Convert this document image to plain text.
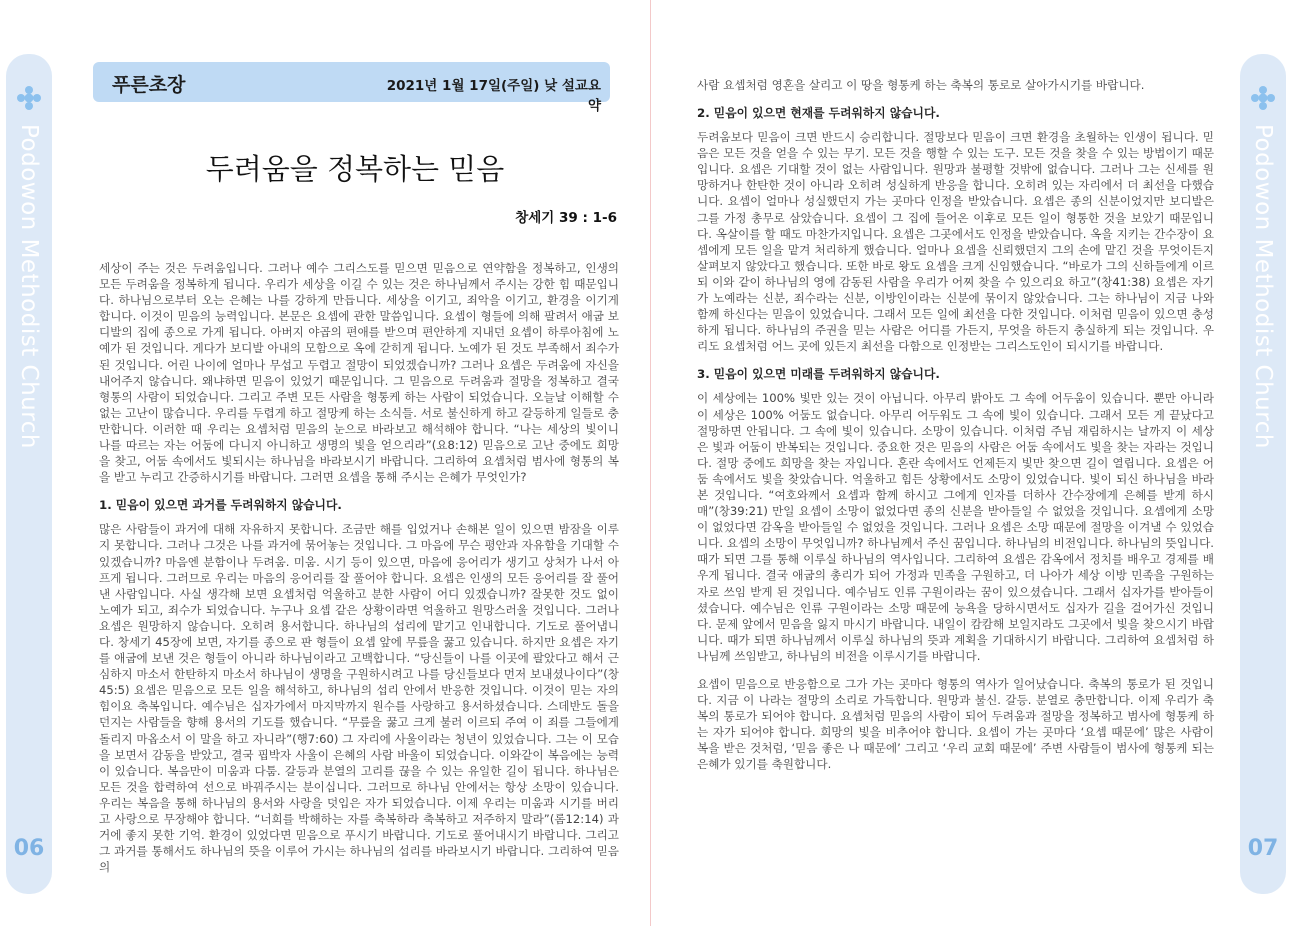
Podowon Methodist Church
06
Podowon Methodist Church
07
푸른초장	2021년 1월 17일(주일) 낮 설교요약
두려움을 정복하는 믿음
창세기 39 : 1-6

세상이 주는 것은 두려움입니다. 그러나 예수 그리스도를 믿으면 믿음으로 연약함을 정복하고, 인생의 모든 두려움을 정복하게 됩니다. 우리가 세상을 이길 수 있는 것은 하나님께서 주시는 강한 힘 때문입니다. 하나님으로부터 오는 은혜는 나를 강하게 만듭니다. 세상을 이기고, 죄악을 이기고, 환경을 이기게 합니다. 이것이 믿음의 능력입니다. 본문은 요셉에 관한 말씀입니다. 요셉이 형들에 의해 팔려서 애굽 보디발의 집에 종으로 가게 됩니다. 아버지 야곱의 편애를 받으며 편안하게 지내던 요셉이 하루아침에 노예가 된 것입니다. 게다가 보디발 아내의 모함으로 옥에 갇히게 됩니다. 노예가 된 것도 부족해서 죄수가 된 것입니다. 어린 나이에 얼마나 무섭고 두렵고 절망이 되었겠습니까? 그러나 요셉은 두려움에 자신을 내어주지 않습니다. 왜냐하면 믿음이 있었기 때문입니다. 그 믿음으로 두려움과 절망을 정복하고 결국 형통의 사람이 되었습니다. 그리고 주변 모든 사람을 형통케 하는 사람이 되었습니다. 오늘날 이해할 수 없는 고난이 많습니다. 우리를 두렵게 하고 절망케 하는 소식들. 서로 불신하게 하고 갈등하게 일들로 충만합니다. 이러한 때 우리는 요셉처럼 믿음의 눈으로 바라보고 해석해야 합니다. “나는 세상의 빛이니 나를 따르는 자는 어둠에 다니지 아니하고 생명의 빛을 얻으리라”(요8:12) 믿음으로 고난 중에도 희망을 찾고, 어둠 속에서도 빛되시는 하나님을 바라보시기 바랍니다. 그리하여 요셉처럼 범사에 형통의 복을 받고 누리고 간증하시기를 바랍니다. 그러면 요셉을 통해 주시는 은혜가 무엇인가?

1. 믿음이 있으면 과거를 두려워하지 않습니다.

많은 사람들이 과거에 대해 자유하지 못합니다. 조금만 해를 입었거나 손해본 일이 있으면 밤잠을 이루지 못합니다. 그러나 그것은 나를 과거에 묶어놓는 것입니다. 그 마음에 무슨 평안과 자유함을 기대할 수 있겠습니까? 마음엔 분함이나 두려움. 미움. 시기 등이 있으면, 마음에 응어리가 생기고 상처가 나서 아프게 됩니다. 그러므로 우리는 마음의 응어리를 잘 풀어야 합니다. 요셉은 인생의 모든 응어리를 잘 풀어낸 사람입니다. 사실 생각해 보면 요셉처럼 억울하고 분한 사람이 어디 있겠습니까? 잘못한 것도 없이 노예가 되고, 죄수가 되었습니다. 누구나 요셉 같은 상황이라면 억울하고 원망스러울 것입니다. 그러나 요셉은 원망하지 않습니다. 오히려 용서합니다. 하나님의 섭리에 맡기고 인내합니다. 기도로 풀어냅니다. 창세기 45장에 보면, 자기를 종으로 판 형들이 요셉 앞에 무릎을 꿇고 있습니다. 하지만 요셉은 자기를 애굽에 보낸 것은 형들이 아니라 하나님이라고 고백합니다. “당신들이 나를 이곳에 팔았다고 해서 근심하지 마소서 한탄하지 마소서 하나님이 생명을 구원하시려고 나를 당신들보다 먼저 보내셨나이다”(창45:5) 요셉은 믿음으로 모든 일을 해석하고, 하나님의 섭리 안에서 반응한 것입니다. 이것이 믿는 자의 힘이요 축복입니다. 예수님은 십자가에서 마지막까지 원수를 사랑하고 용서하셨습니다. 스데반도 돌을 던지는 사람들을 향해 용서의 기도를 했습니다. “무릎을 꿇고 크게 불러 이르되 주여 이 죄를 그들에게 돌리지 마옵소서 이 말을 하고 자니라”(행7:60) 그 자리에 사울이라는 청년이 있었습니다. 그는 이 모습을 보면서 감동을 받았고, 결국 핍박자 사울이 은혜의 사람 바울이 되었습니다. 이와같이 복음에는 능력이 있습니다. 복음만이 미움과 다툼. 갈등과 분열의 고리를 끊을 수 있는 유일한 길이 됩니다. 하나님은 모든 것을 합력하여 선으로 바꿔주시는 분이십니다. 그러므로 하나님 안에서는 항상 소망이 있습니다. 우리는 복음을 통해 하나님의 용서와 사랑을 덧입은 자가 되었습니다. 이제 우리는 미움과 시기를 버리고 사랑으로 무장해야 합니다. “너희를 박해하는 자를 축복하라 축복하고 저주하지 말라”(롬12:14) 과거에 좋지 못한 기억. 환경이 있었다면 믿음으로 푸시기 바랍니다. 기도로 풀어내시기 바랍니다. 그리고 그 과거를 통해서도 하나님의 뜻을 이루어 가시는 하나님의 섭리를 바라보시기 바랍니다. 그리하여 믿음의

사람 요셉처럼 영혼을 살리고 이 땅을 형통케 하는 축복의 통로로 살아가시기를 바랍니다.

2. 믿음이 있으면 현재를 두려워하지 않습니다.

두려움보다 믿음이 크면 반드시 승리합니다. 절망보다 믿음이 크면 환경을 초월하는 인생이 됩니다. 믿음은 모든 것을 얻을 수 있는 무기. 모든 것을 행할 수 있는 도구. 모든 것을 찾을 수 있는 방법이기 때문입니다. 요셉은 기대할 것이 없는 사람입니다. 원망과 불평할 것밖에 없습니다. 그러나 그는 신세를 원망하거나 한탄한 것이 아니라 오히려 성실하게 반응을 합니다. 오히려 있는 자리에서 더 최선을 다했습니다. 요셉이 얼마나 성실했던지 가는 곳마다 인정을 받았습니다. 요셉은 종의 신분이었지만 보디발은 그를 가정 총무로 삼았습니다. 요셉이 그 집에 들어온 이후로 모든 일이 형통한 것을 보았기 때문입니다. 옥살이를 할 때도 마찬가지입니다. 요셉은 그곳에서도 인정을 받았습니다. 옥을 지키는 간수장이 요셉에게 모든 일을 맡겨 처리하게 했습니다. 얼마나 요셉을 신뢰했던지 그의 손에 맡긴 것을 무엇이든지 살펴보지 않았다고 했습니다. 또한 바로 왕도 요셉을 크게 신임했습니다. “바로가 그의 신하들에게 이르되 이와 같이 하나님의 영에 감동된 사람을 우리가 어찌 찾을 수 있으리요 하고”(창41:38) 요셉은 자기가 노예라는 신분, 죄수라는 신분, 이방인이라는 신분에 묶이지 않았습니다. 그는 하나님이 지금 나와 함께 하신다는 믿음이 있었습니다. 그래서 모든 일에 최선을 다한 것입니다. 이처럼 믿음이 있으면 충성하게 됩니다. 하나님의 주권을 믿는 사람은 어디를 가든지, 무엇을 하든지 충실하게 되는 것입니다. 우리도 요셉처럼 어느 곳에 있든지 최선을 다함으로 인정받는 그리스도인이 되시기를 바랍니다.

3. 믿음이 있으면 미래를 두려워하지 않습니다.

이 세상에는 100% 빛만 있는 것이 아닙니다. 아무리 밝아도 그 속에 어두움이 있습니다. 뿐만 아니라 이 세상은 100% 어둠도 없습니다. 아무리 어두워도 그 속에 빛이 있습니다. 그래서 모든 게 끝났다고 절망하면 안됩니다. 그 속에 빛이 있습니다. 소망이 있습니다. 이처럼 주님 재림하시는 날까지 이 세상은 빛과 어둠이 반복되는 것입니다. 중요한 것은 믿음의 사람은 어둠 속에서도 빛을 찾는 자라는 것입니다. 절망 중에도 희망을 찾는 자입니다. 혼란 속에서도 언제든지 빛만 찾으면 길이 열립니다. 요셉은 어둠 속에서도 빛을 찾았습니다. 억울하고 힘든 상황에서도 소망이 있었습니다. 빛이 되신 하나님을 바라본 것입니다. “여호와께서 요셉과 함께 하시고 그에게 인자를 더하사 간수장에게 은혜를 받게 하시매”(창39:21) 만일 요셉이 소망이 없었다면 종의 신분을 받아들일 수 없었을 것입니다. 요셉에게 소망이 없었다면 감옥을 받아들일 수 없었을 것입니다. 그러나 요셉은 소망 때문에 절망을 이겨낼 수 있었습니다. 요셉의 소망이 무엇입니까? 하나님께서 주신 꿈입니다. 하나님의 비전입니다. 하나님의 뜻입니다. 때가 되면 그를 통해 이루실 하나님의 역사입니다. 그리하여 요셉은 감옥에서 정치를 배우고 경제를 배우게 됩니다. 결국 애굽의 총리가 되어 가정과 민족을 구원하고, 더 나아가 세상 이방 민족을 구원하는 자로 쓰임 받게 된 것입니다. 예수님도 인류 구원이라는 꿈이 있으셨습니다. 그래서 십자가를 받아들이셨습니다. 예수님은 인류 구원이라는 소망 때문에 능욕을 당하시면서도 십자가 길을 걸어가신 것입니다. 문제 앞에서 믿음을 잃지 마시기 바랍니다. 내일이 캄캄해 보일지라도 그곳에서 빛을 찾으시기 바랍니다. 때가 되면 하나님께서 이루실 하나님의 뜻과 계획을 기대하시기 바랍니다. 그리하여 요셉처럼 하나님께 쓰임받고, 하나님의 비전을 이루시기를 바랍니다.

요셉이 믿음으로 반응함으로 그가 가는 곳마다 형통의 역사가 일어났습니다. 축복의 통로가 된 것입니다. 지금 이 나라는 절망의 소리로 가득합니다. 원망과 불신. 갈등. 분열로 충만합니다. 이제 우리가 축복의 통로가 되어야 합니다. 요셉처럼 믿음의 사람이 되어 두려움과 절망을 정복하고 범사에 형통케 하는 자가 되어야 합니다. 희망의 빛을 비추어야 합니다. 요셉이 가는 곳마다 ‘요셉 때문에’ 많은 사람이 복을 받은 것처럼, ‘믿음 좋은 나 때문에’ 그리고 ‘우리 교회 때문에’ 주변 사람들이 범사에 형통케 되는 은혜가 있기를 축원합니다.
